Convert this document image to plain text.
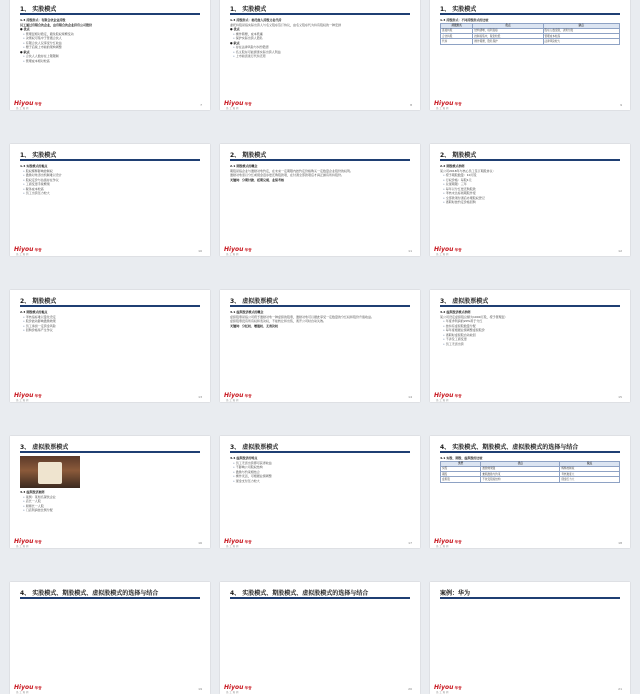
1、 实股模式
1.3 持股形式：有限合伙企业持股
员工通过有限合伙企业，由有限合伙企业持有公司股份
● 优点
• 管理层相对稳定，避免股权频繁变动
• 决策权可集中于普通合伙人
• 有限合伙人仅享受分红收益
• 便于后续上市前的架构调整
● 缺点
• 合伙人人数存在上限限制
• 管理成本相对较高
Hiyou 华誉
员 工 培 训
7
1、 实股模式
1.3 持股形式：委托他人持股又名代持
委托持股是指实际出资人与名义股东签订协议，由名义股东代为持有股权的一种安排
● 优点
• 操作简便，成本低廉
• 保护实际出资人隐私
● 缺点
• 存在法律风险与纠纷隐患
• 名义股东可能损害实际出资人利益
• 上市前需进行代持还原
Hiyou 华誉
员 工 培 训
8
1、 实股模式
1.3 持股形式：不同持股形式的比较
持股形式	优点	缺点
直接持股	结构清晰，权利直接	股东人数受限，决策分散
合伙持股	控制权集中，税负较低	管理成本较高
代持	操作简便，隐私保护	法律风险较大
Hiyou 华誉
员 工 培 训
9
1、 实股模式
1.4 实股模式的难点
• 股权稀释影响控制权
• 激励对象退出机制难以设计
• 股权定价与估值存在争议
• 工商变更手续繁琐
• 税务成本较高
• 员工出资压力较大
Hiyou 华誉
员 工 培 训
10
2、 期股模式
2.1 期股模式的概念
期股是指企业与激励对象约定，在未来一定期限内按约定价格购买一定数量企业股份的权利。
激励对象需以分红或现金逐步偿还购股款项，在付清全部款项后才真正拥有所持股份。
关键词：分期付款、延期兑现、业绩考核
Hiyou 华誉
员 工 培 训
11
2、 期股模式
2.2 期股模式举例
某公司2018年与核心员工签订期股协议：
• 授予期股数量：10万股
• 行权价格：每股1元
• 兑现期限：三年
• 每年以分红偿还购股款
• 考核未达标则期股作废
• 全部款项付清后办理股权登记
• 离职时按约定价格回购
Hiyou 华誉
员 工 培 训
12
2、 期股模式
2.3 期股模式的难点
• 考核指标难以量化设定
• 股价波动影响激励效果
• 员工承担一定资金风险
• 回购价格易产生争议
Hiyou 华誉
员 工 培 训
13
3、 虚拟股票模式
3.1 虚拟股票模式的概念
虚拟股票是指公司授予激励对象一种虚拟的股票，激励对象可以据此享受一定数量的分红权和股价升值收益。
虚拟股票没有所有权和表决权，不能转让和出售，离开公司时自动失效。
关键词：分红权、增值权、无表决权
Hiyou 华誉
员 工 培 训
14
3、 虚拟股票模式
3.2 虚拟股票模式举例
某公司设定虚拟股总额为1000万股，授予管理层：
• 年度净利润的20%用于分红
• 按持有虚拟股数量分配
• 每年度根据业绩调整虚拟股价
• 离职时虚拟股自动收回
• 不涉及工商变更
• 员工无需出资
Hiyou 华誉
员 工 培 训
15
3、 虚拟股票模式
3.3 虚拟股票案例
• 案例：某知名餐饮企业
• 店长一人股
• 厨师长一人股
• 门店利润按比例分配
Hiyou 华誉
员 工 培 训
16
3、 虚拟股票模式
3.4 虚拟股票的特点
• 员工无需出资即可获得收益
• 不影响公司股权结构
• 激励与约束相结合
• 操作灵活，可根据业绩调整
• 现金支付压力较大
Hiyou 华誉
员 工 培 训
17
4、 实股模式、期股模式、虚拟股模式的选择与结合
4.1 实股、期股、虚拟股的比较
类型	优点	缺点
实股	激励效果强	稀释控制权
期股	兼顾激励与约束	考核难度大
虚拟股	不改变股权结构	现金压力大
Hiyou 华誉
员 工 培 训
18
4、 实股模式、期股模式、虚拟股模式的选择与结合
Hiyou 华誉
员 工 培 训
19
4、 实股模式、期股模式、虚拟股模式的选择与结合
Hiyou 华誉
员 工 培 训
20
案例：华为
Hiyou 华誉
员 工 培 训
21
